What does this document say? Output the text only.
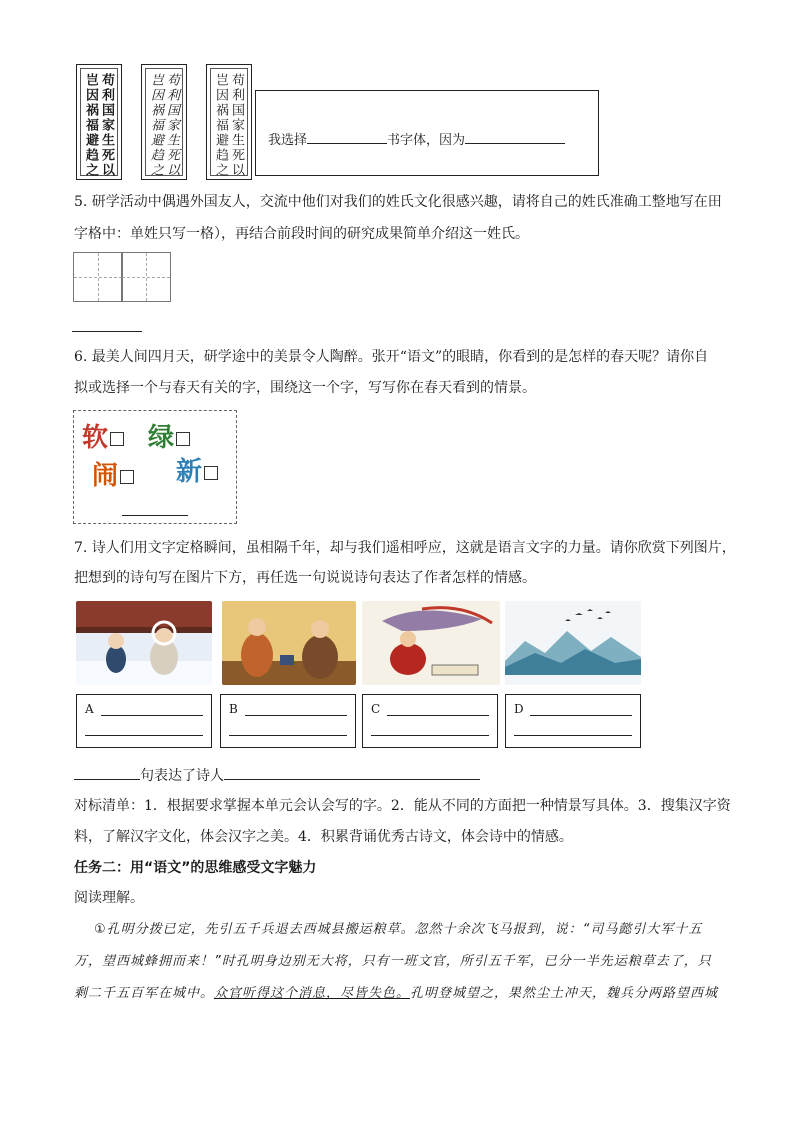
苟利国家生死以
岂因祸福避趋之	苟利国家生死以
岂因祸福避趋之	苟利国家生死以
岂因祸福避趋之	我选择	书字体，因为
5. 研学活动中偶遇外国友人，交流中他们对我们的姓氏文化很感兴趣，请将自己的姓氏准确工整地写在田
字格中：单姓只写一格），再结合前段时间的研究成果简单介绍这一姓氏。
6. 最美人间四月天，研学途中的美景令人陶醉。张开“语文”的眼睛，你看到的是怎样的春天呢？请你自
拟或选择一个与春天有关的字，围绕这一个字，写写你在春天看到的情景。
软	绿
闹	新
7. 诗人们用文字定格瞬间，虽相隔千年，却与我们遥相呼应，这就是语言文字的力量。请你欣赏下列图片，
把想到的诗句写在图片下方，再任选一句说说诗句表达了作者怎样的情感。
A	B	C	D
句表达了诗人
对标清单：1．根据要求掌握本单元会认会写的字。2．能从不同的方面把一种情景写具体。3．搜集汉字资
料，了解汉字文化，体会汉字之美。4．积累背诵优秀古诗文，体会诗中的情感。
任务二：用“语文”的思维感受文字魅力
阅读理解。
①孔明分拨已定，先引五千兵退去西城县搬运粮草。忽然十余次飞马报到，说：“司马懿引大军十五
万，望西城蜂拥而来！”时孔明身边别无大将，只有一班文官，所引五千军，已分一半先运粮草去了，只
剩二千五百军在城中。众官听得这个消息，尽皆失色。孔明登城望之，果然尘土冲天，魏兵分两路望西城
